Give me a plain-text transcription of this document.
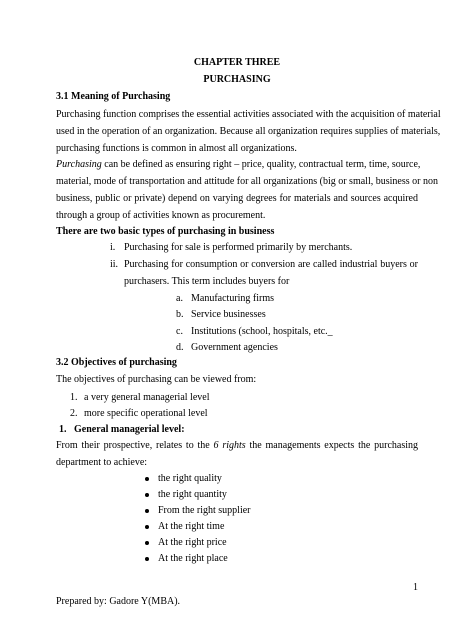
CHAPTER THREE
PURCHASING
3.1 Meaning of Purchasing
Purchasing function comprises the essential activities associated with the acquisition of material
used in the operation of an organization. Because all organization requires supplies of materials,
purchasing functions is common in almost all organizations.
Purchasing can be defined as ensuring right – price, quality, contractual term, time, source,
material, mode of transportation and attitude for all organizations (big or small, business or non
business, public or private) depend on varying degrees for materials and sources acquired
through a group of activities known as procurement.
There are two basic types of purchasing in business
i. Purchasing for sale is performed primarily by merchants.
ii. Purchasing for consumption or conversion are called industrial buyers or
purchasers. This term includes buyers for
a. Manufacturing firms
b. Service businesses
c. Institutions (school, hospitals, etc._
d. Government agencies
3.2 Objectives of purchasing
The objectives of purchasing can be viewed from:
1. a very general managerial level
2. more specific operational level
1. General managerial level:
From their prospective, relates to the 6 rights the managements expects the purchasing
department to achieve:
the right quality
the right quantity
From the right supplier
At the right time
At the right price
At the right place
1
Prepared by: Gadore Y(MBA).
